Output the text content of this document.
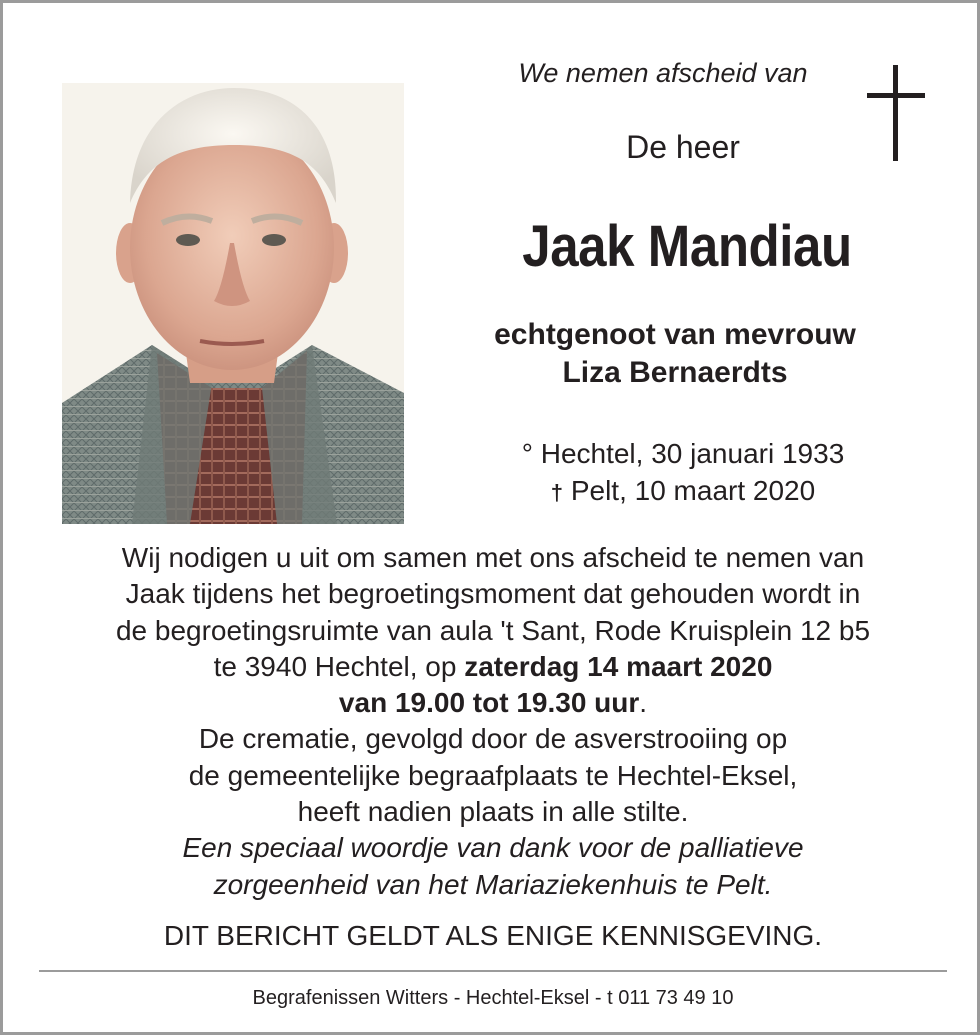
We nemen afscheid van
De heer
Jaak Mandiau
echtgenoot van mevrouw
Liza Bernaerdts
° Hechtel, 30 januari 1933
† Pelt, 10 maart 2020
Wij nodigen u uit om samen met ons afscheid te nemen van
Jaak tijdens het begroetingsmoment dat gehouden wordt in
de begroetingsruimte van aula 't Sant, Rode Kruisplein 12 b5
te 3940 Hechtel, op zaterdag 14 maart 2020
van 19.00 tot 19.30 uur.
De crematie, gevolgd door de asverstrooiing op
de gemeentelijke begraafplaats te Hechtel-Eksel,
heeft nadien plaats in alle stilte.
Een speciaal woordje van dank voor de palliatieve
zorgeenheid van het Mariaziekenhuis te Pelt.
DIT BERICHT GELDT ALS ENIGE KENNISGEVING.
Begrafenissen Witters - Hechtel-Eksel - t 011 73 49 10
